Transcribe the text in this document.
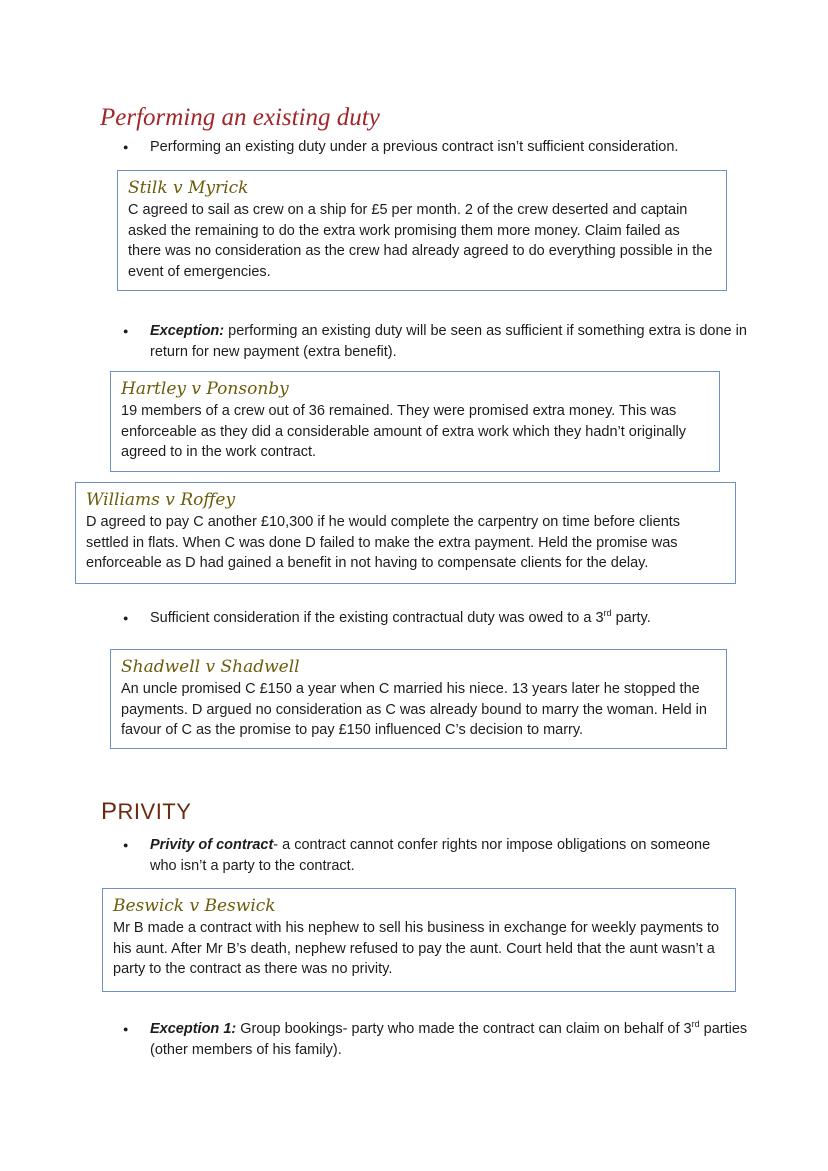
Performing an existing duty

● Performing an existing duty under a previous contract isn’t sufficient consideration.

Stilk v Myrick

C agreed to sail as crew on a ship for £5 per month. 2 of the crew deserted and captain asked the remaining to do the extra work promising them more money. Claim failed as there was no consideration as the crew had already agreed to do everything possible in the event of emergencies.

● Exception: performing an existing duty will be seen as sufficient if something extra is done in return for new payment (extra benefit).

Hartley v Ponsonby

19 members of a crew out of 36 remained. They were promised extra money. This was enforceable as they did a considerable amount of extra work which they hadn’t originally agreed to in the work contract.

Williams v Roffey

D agreed to pay C another £10,300 if he would complete the carpentry on time before clients settled in flats. When C was done D failed to make the extra payment. Held the promise was enforceable as D had gained a benefit in not having to compensate clients for the delay.

● Sufficient consideration if the existing contractual duty was owed to a 3rd party.

Shadwell v Shadwell

An uncle promised C £150 a year when C married his niece. 13 years later he stopped the payments. D argued no consideration as C was already bound to marry the woman. Held in favour of C as the promise to pay £150 influenced C’s decision to marry.

PRIVITY

● Privity of contract- a contract cannot confer rights nor impose obligations on someone who isn’t a party to the contract.

Beswick v Beswick

Mr B made a contract with his nephew to sell his business in exchange for weekly payments to his aunt. After Mr B’s death, nephew refused to pay the aunt. Court held that the aunt wasn’t a party to the contract as there was no privity.

● Exception 1: Group bookings- party who made the contract can claim on behalf of 3rd parties (other members of his family).
